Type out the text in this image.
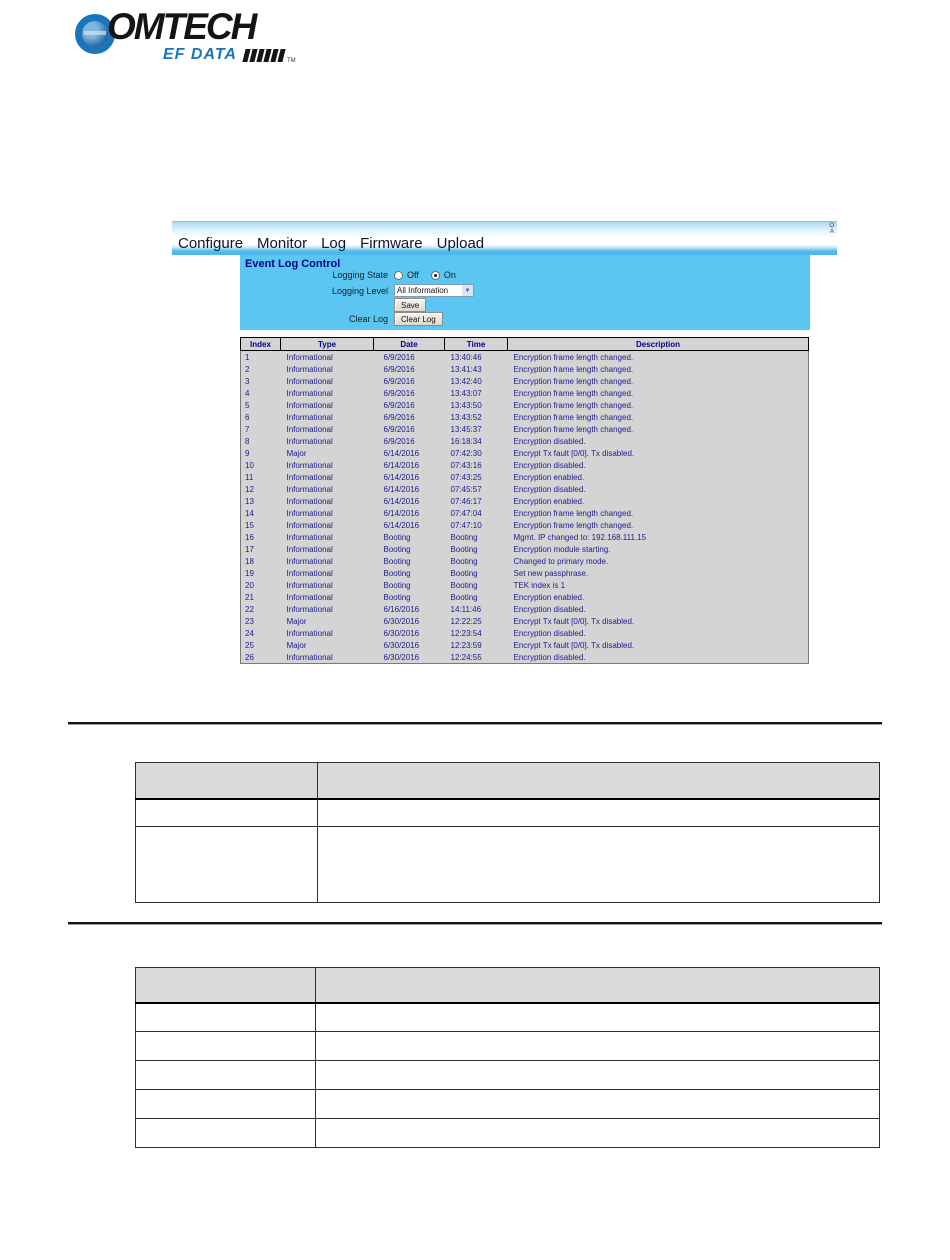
OMTECH
EF DATA	TM
Configure Monitor Log Firmware Upload
O
A
Event Log Control
Logging State	Off	On
Logging Level	All Information	▼
Save
Clear Log	Clear Log
Index	Type	Date	Time	Description
1	Informational	6/9/2016	13:40:46	Encryption frame length changed.
2	Informational	6/9/2016	13:41:43	Encryption frame length changed.
3	Informational	6/9/2016	13:42:40	Encryption frame length changed.
4	Informational	6/9/2016	13:43:07	Encryption frame length changed.
5	Informational	6/9/2016	13:43:50	Encryption frame length changed.
6	Informational	6/9/2016	13:43:52	Encryption frame length changed.
7	Informational	6/9/2016	13:45:37	Encryption frame length changed.
8	Informational	6/9/2016	16:18:34	Encryption disabled.
9	Major	6/14/2016	07:42:30	Encrypt Tx fault [0/0]. Tx disabled.
10	Informational	6/14/2016	07:43:16	Encryption disabled.
11	Informational	6/14/2016	07:43:25	Encryption enabled.
12	Informational	6/14/2016	07:45:57	Encryption disabled.
13	Informational	6/14/2016	07:46:17	Encryption enabled.
14	Informational	6/14/2016	07:47:04	Encryption frame length changed.
15	Informational	6/14/2016	07:47:10	Encryption frame length changed.
16	Informational	Booting	Booting	Mgmt. IP changed to: 192.168.111.15
17	Informational	Booting	Booting	Encryption module starting.
18	Informational	Booting	Booting	Changed to primary mode.
19	Informational	Booting	Booting	Set new passphrase.
20	Informational	Booting	Booting	TEK index is 1
21	Informational	Booting	Booting	Encryption enabled.
22	Informational	6/16/2016	14:11:46	Encryption disabled.
23	Major	6/30/2016	12:22:25	Encrypt Tx fault [0/0]. Tx disabled.
24	Informational	6/30/2016	12:23:54	Encryption disabled.
25	Major	6/30/2016	12:23:59	Encrypt Tx fault [0/0]. Tx disabled.
26	Informational	6/30/2016	12:24:55	Encryption disabled.
